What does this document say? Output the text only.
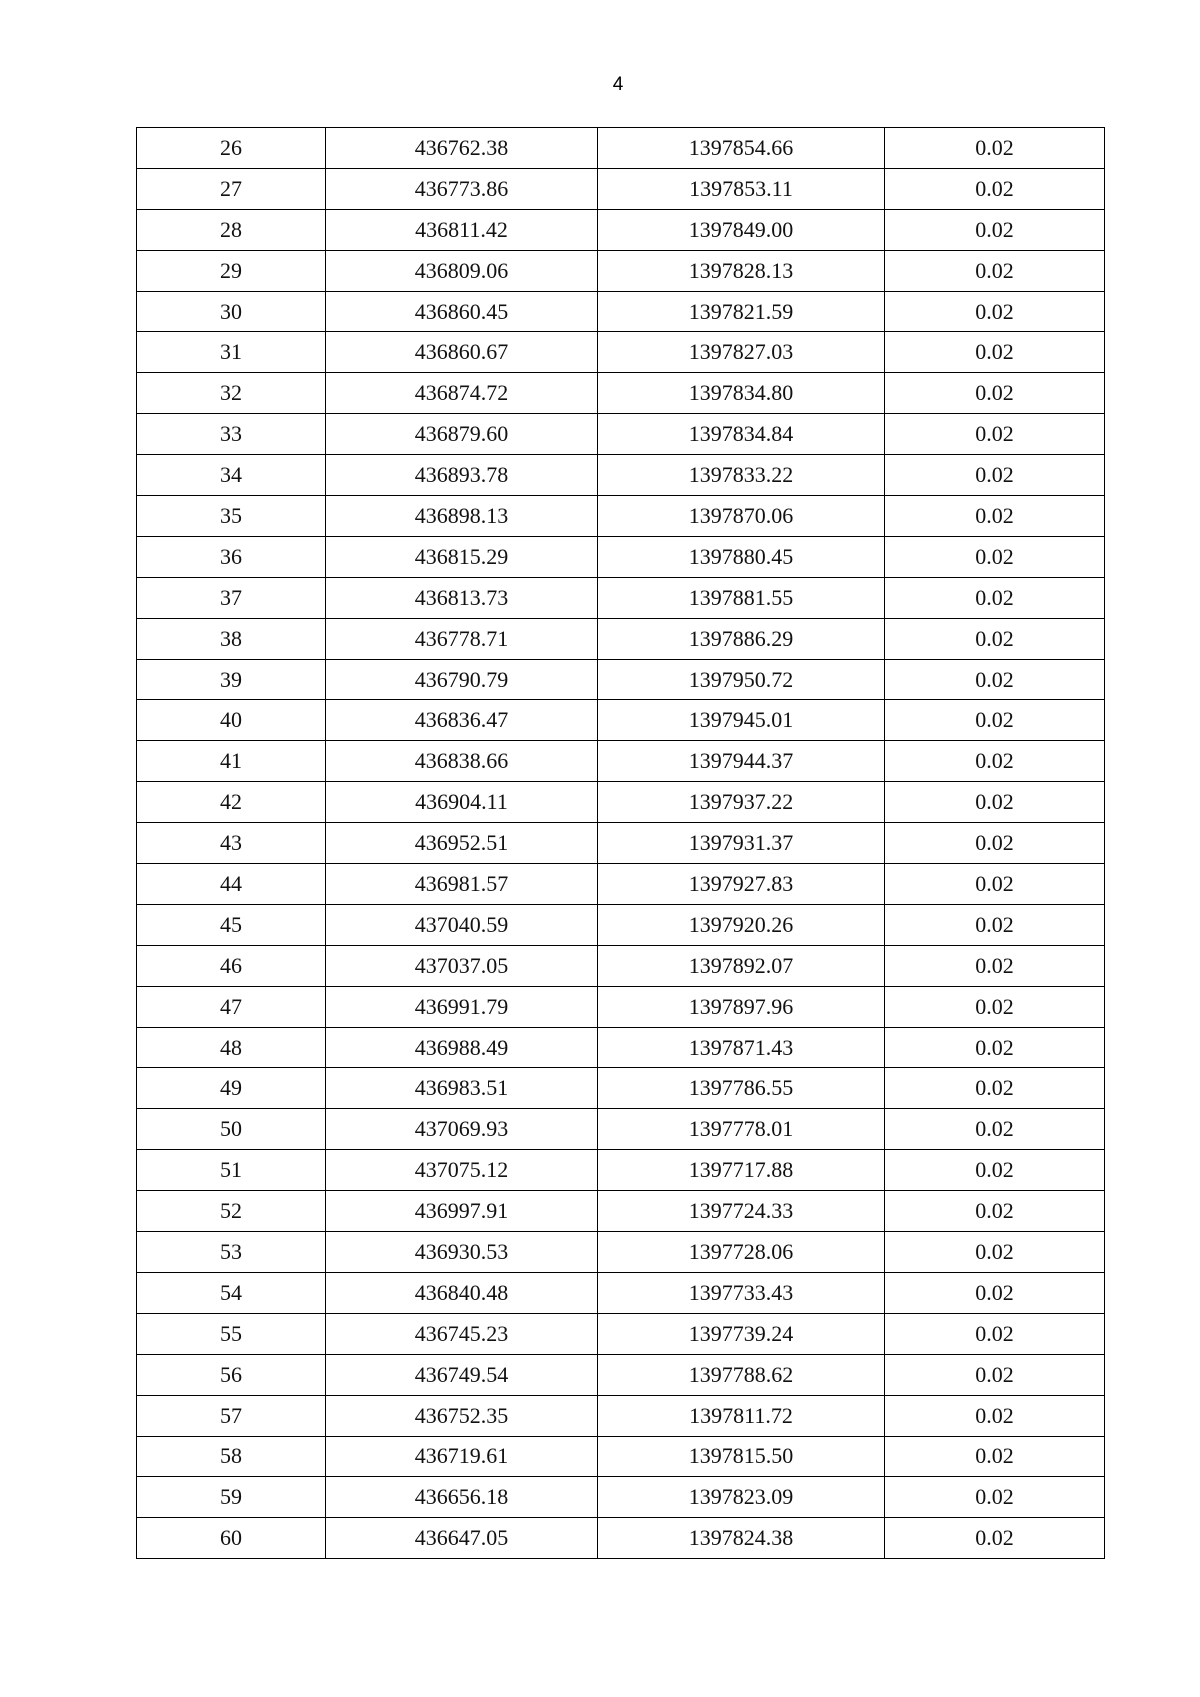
4
26	436762.38	1397854.66	0.02
27	436773.86	1397853.11	0.02
28	436811.42	1397849.00	0.02
29	436809.06	1397828.13	0.02
30	436860.45	1397821.59	0.02
31	436860.67	1397827.03	0.02
32	436874.72	1397834.80	0.02
33	436879.60	1397834.84	0.02
34	436893.78	1397833.22	0.02
35	436898.13	1397870.06	0.02
36	436815.29	1397880.45	0.02
37	436813.73	1397881.55	0.02
38	436778.71	1397886.29	0.02
39	436790.79	1397950.72	0.02
40	436836.47	1397945.01	0.02
41	436838.66	1397944.37	0.02
42	436904.11	1397937.22	0.02
43	436952.51	1397931.37	0.02
44	436981.57	1397927.83	0.02
45	437040.59	1397920.26	0.02
46	437037.05	1397892.07	0.02
47	436991.79	1397897.96	0.02
48	436988.49	1397871.43	0.02
49	436983.51	1397786.55	0.02
50	437069.93	1397778.01	0.02
51	437075.12	1397717.88	0.02
52	436997.91	1397724.33	0.02
53	436930.53	1397728.06	0.02
54	436840.48	1397733.43	0.02
55	436745.23	1397739.24	0.02
56	436749.54	1397788.62	0.02
57	436752.35	1397811.72	0.02
58	436719.61	1397815.50	0.02
59	436656.18	1397823.09	0.02
60	436647.05	1397824.38	0.02
